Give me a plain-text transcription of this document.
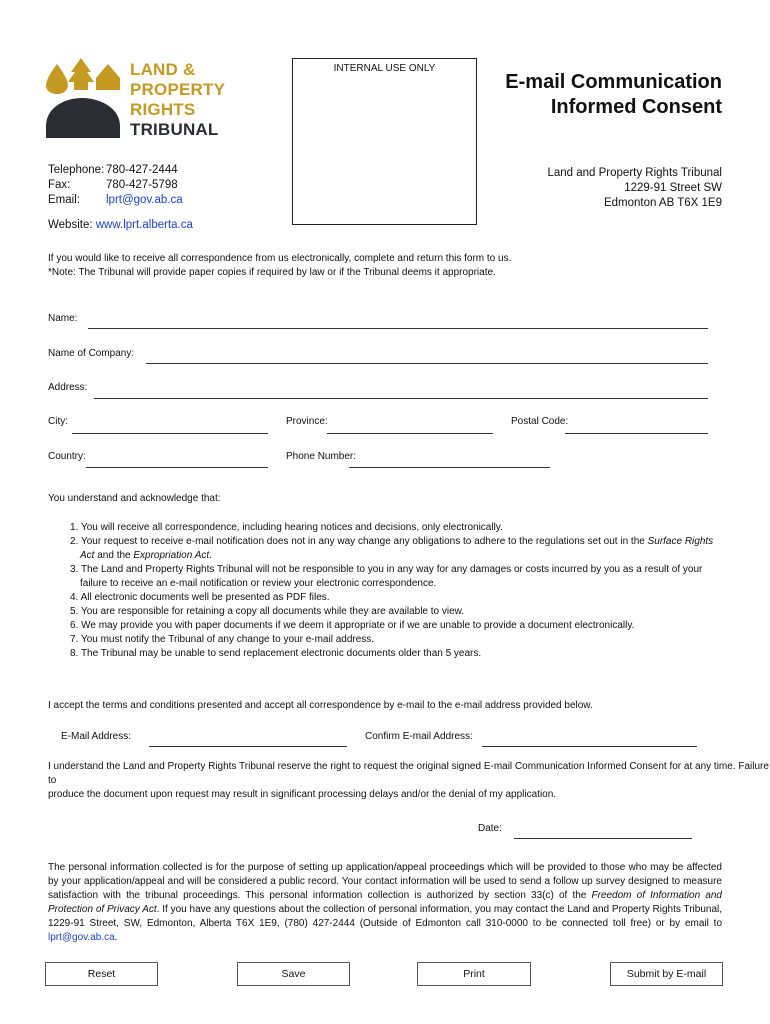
LAND &
PROPERTY
RIGHTS
TRIBUNAL
INTERNAL USE ONLY
E-mail Communication
Informed Consent
Telephone: 780-427-2444
Fax:	780-427-5798
Email:	lprt@gov.ab.ca
Land and Property Rights Tribunal
1229-91 Street SW
Edmonton AB T6X 1E9
Website: www.lprt.alberta.ca
If you would like to receive all correspondence from us electronically, complete and return this form to us.
*Note: The Tribunal will provide paper copies if required by law or if the Tribunal deems it appropriate.
Name:
Name of Company:
Address:
City:	Province:	Postal Code:
Country:	Phone Number:
You understand and acknowledge that:
1. You will receive all correspondence, including hearing notices and decisions, only electronically.
2. Your request to receive e-mail notification does not in any way change any obligations to adhere to the regulations set out in the Surface Rights Act and the Expropriation Act.
3. The Land and Property Rights Tribunal will not be responsible to you in any way for any damages or costs incurred by you as a result of your failure to receive an e-mail notification or review your electronic correspondence.
4. All electronic documents well be presented as PDF files.
5. You are responsible for retaining a copy all documents while they are available to view.
6. We may provide you with paper documents if we deem it appropriate or if we are unable to provide a document electronically.
7. You must notify the Tribunal of any change to your e-mail address.
8. The Tribunal may be unable to send replacement electronic documents older than 5 years.
I accept the terms and conditions presented and accept all correspondence by e-mail to the e-mail address provided below.
E-Mail Address:	Confirm E-mail Address:
I understand the Land and Property Rights Tribunal reserve the right to request the original signed E-mail Communication Informed Consent for at any time. Failure to
produce the document upon request may result in significant processing delays and/or the denial of my application.
Date:
The personal information collected is for the purpose of setting up application/appeal proceedings which will be provided to those who may be affected by your application/appeal and will be considered a public record. Your contact information will be used to send a follow up survey designed to measure satisfaction with the tribunal proceedings. This personal information collection is authorized by section 33(c) of the Freedom of Information and Protection of Privacy Act. If you have any questions about the collection of personal information, you may contact the Land and Property Rights Tribunal, 1229-91 Street, SW, Edmonton, Alberta T6X 1E9, (780) 427-2444 (Outside of Edmonton call 310-0000 to be connected toll free) or by email to lprt@gov.ab.ca.
Reset	Save	Print	Submit by E-mail
